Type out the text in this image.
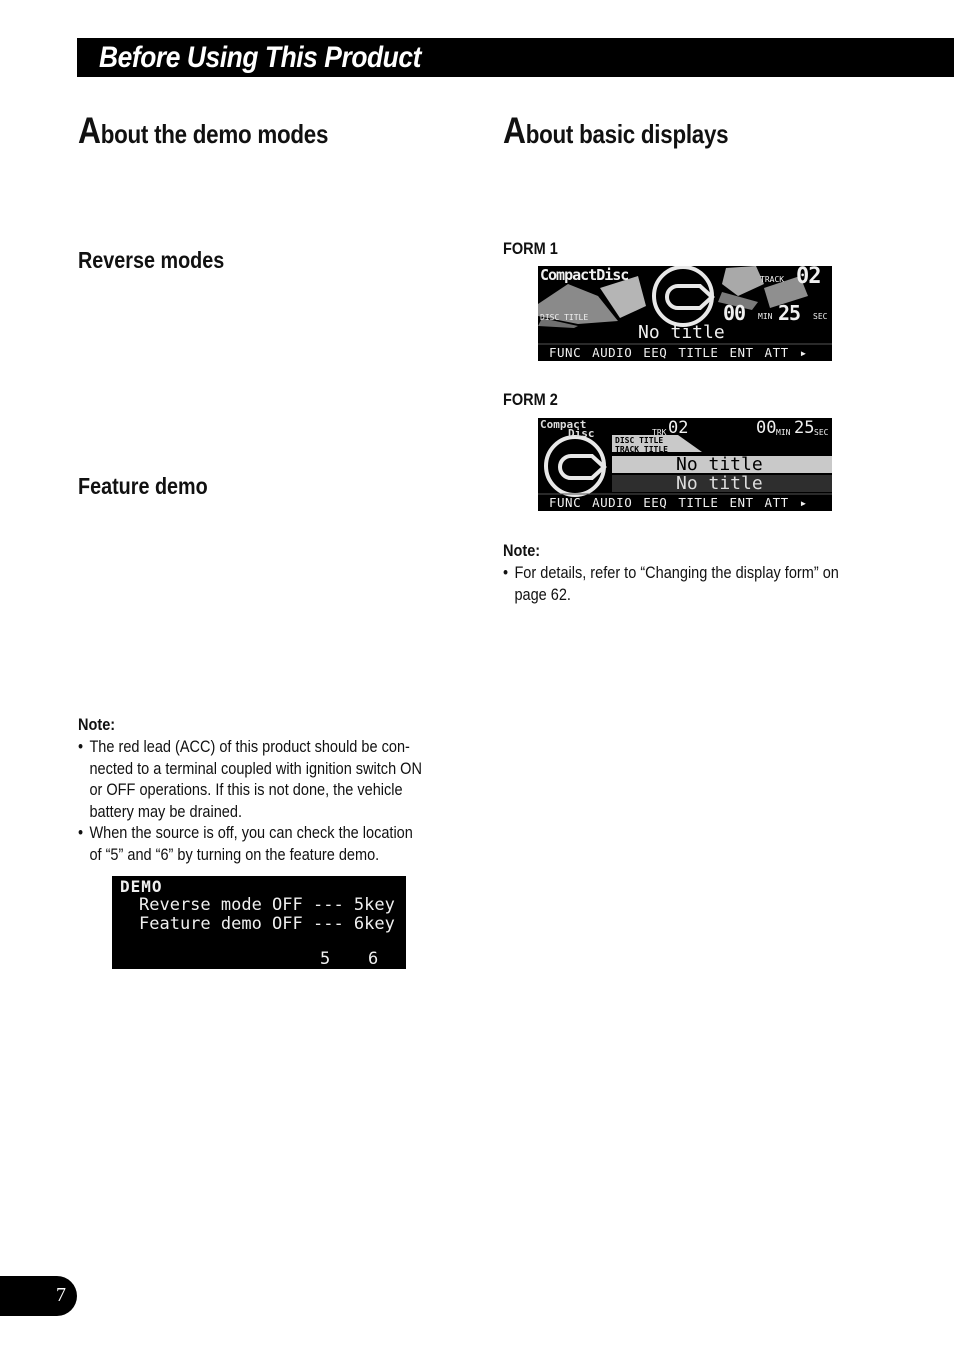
Before Using This Product
About the demo modes
Reverse modes
Feature demo
Note:
• The red lead (ACC) of this product should be con-
nected to a terminal coupled with ignition switch ON
or OFF operations. If this is not done, the vehicle
battery may be drained.
• When the source is off, you can check the location
of “5” and “6” by turning on the feature demo.
DEMO
Reverse mode OFF --- 5key
Feature demo OFF --- 6key
5 6
About basic displays
FORM 1
CompactDisc
DISC TITLE
TRACK 02
00 MIN 25 SEC
No title
FUNC AUDIO EEQ TITLE ENT ATT ▸
FORM 2
Compact
Disc	TRK 02	00 MIN 25 SEC
DISC TITLE
TRACK TITLE
No title
No title
FUNC AUDIO EEQ TITLE ENT ATT ▸
Note:
• For details, refer to “Changing the display form” on
page 62.
7
